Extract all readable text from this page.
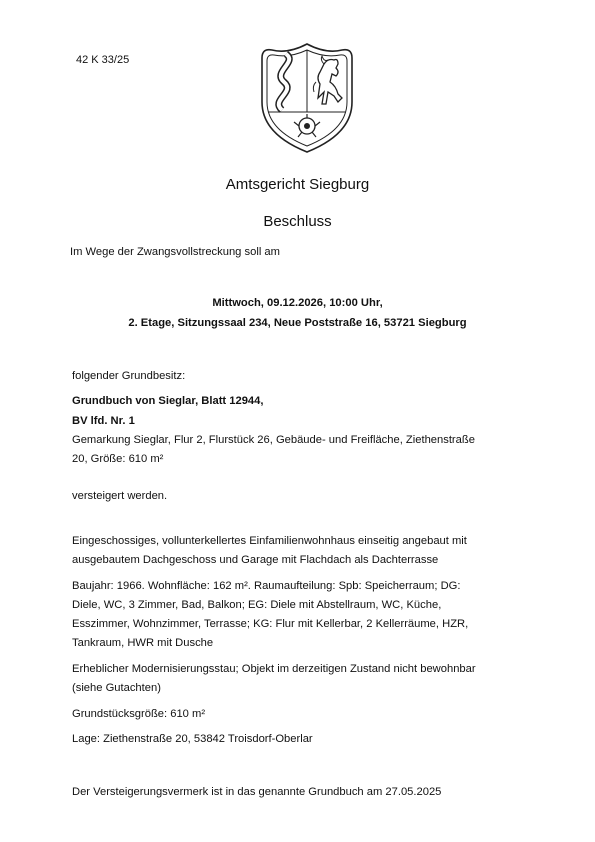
42 K 33/25
Amtsgericht Siegburg
Beschluss
Im Wege der Zwangsvollstreckung soll am
Mittwoch, 09.12.2026, 10:00 Uhr,
2. Etage, Sitzungssaal 234, Neue Poststraße 16, 53721 Siegburg
folgender Grundbesitz:
Grundbuch von Sieglar, Blatt 12944,
BV lfd. Nr. 1
Gemarkung Sieglar, Flur 2, Flurstück 26, Gebäude- und Freifläche, Ziethenstraße
20, Größe: 610 m²
versteigert werden.
Eingeschossiges, vollunterkellertes Einfamilienwohnhaus einseitig angebaut mit
ausgebautem Dachgeschoss und Garage mit Flachdach als Dachterrasse
Baujahr: 1966. Wohnfläche: 162 m². Raumaufteilung: Spb: Speicherraum; DG:
Diele, WC, 3 Zimmer, Bad, Balkon; EG: Diele mit Abstellraum, WC, Küche,
Esszimmer, Wohnzimmer, Terrasse; KG: Flur mit Kellerbar, 2 Kellerräume, HZR,
Tankraum, HWR mit Dusche
Erheblicher Modernisierungsstau; Objekt im derzeitigen Zustand nicht bewohnbar
(siehe Gutachten)
Grundstücksgröße: 610 m²
Lage: Ziethenstraße 20, 53842 Troisdorf-Oberlar
Der Versteigerungsvermerk ist in das genannte Grundbuch am 27.05.2025
